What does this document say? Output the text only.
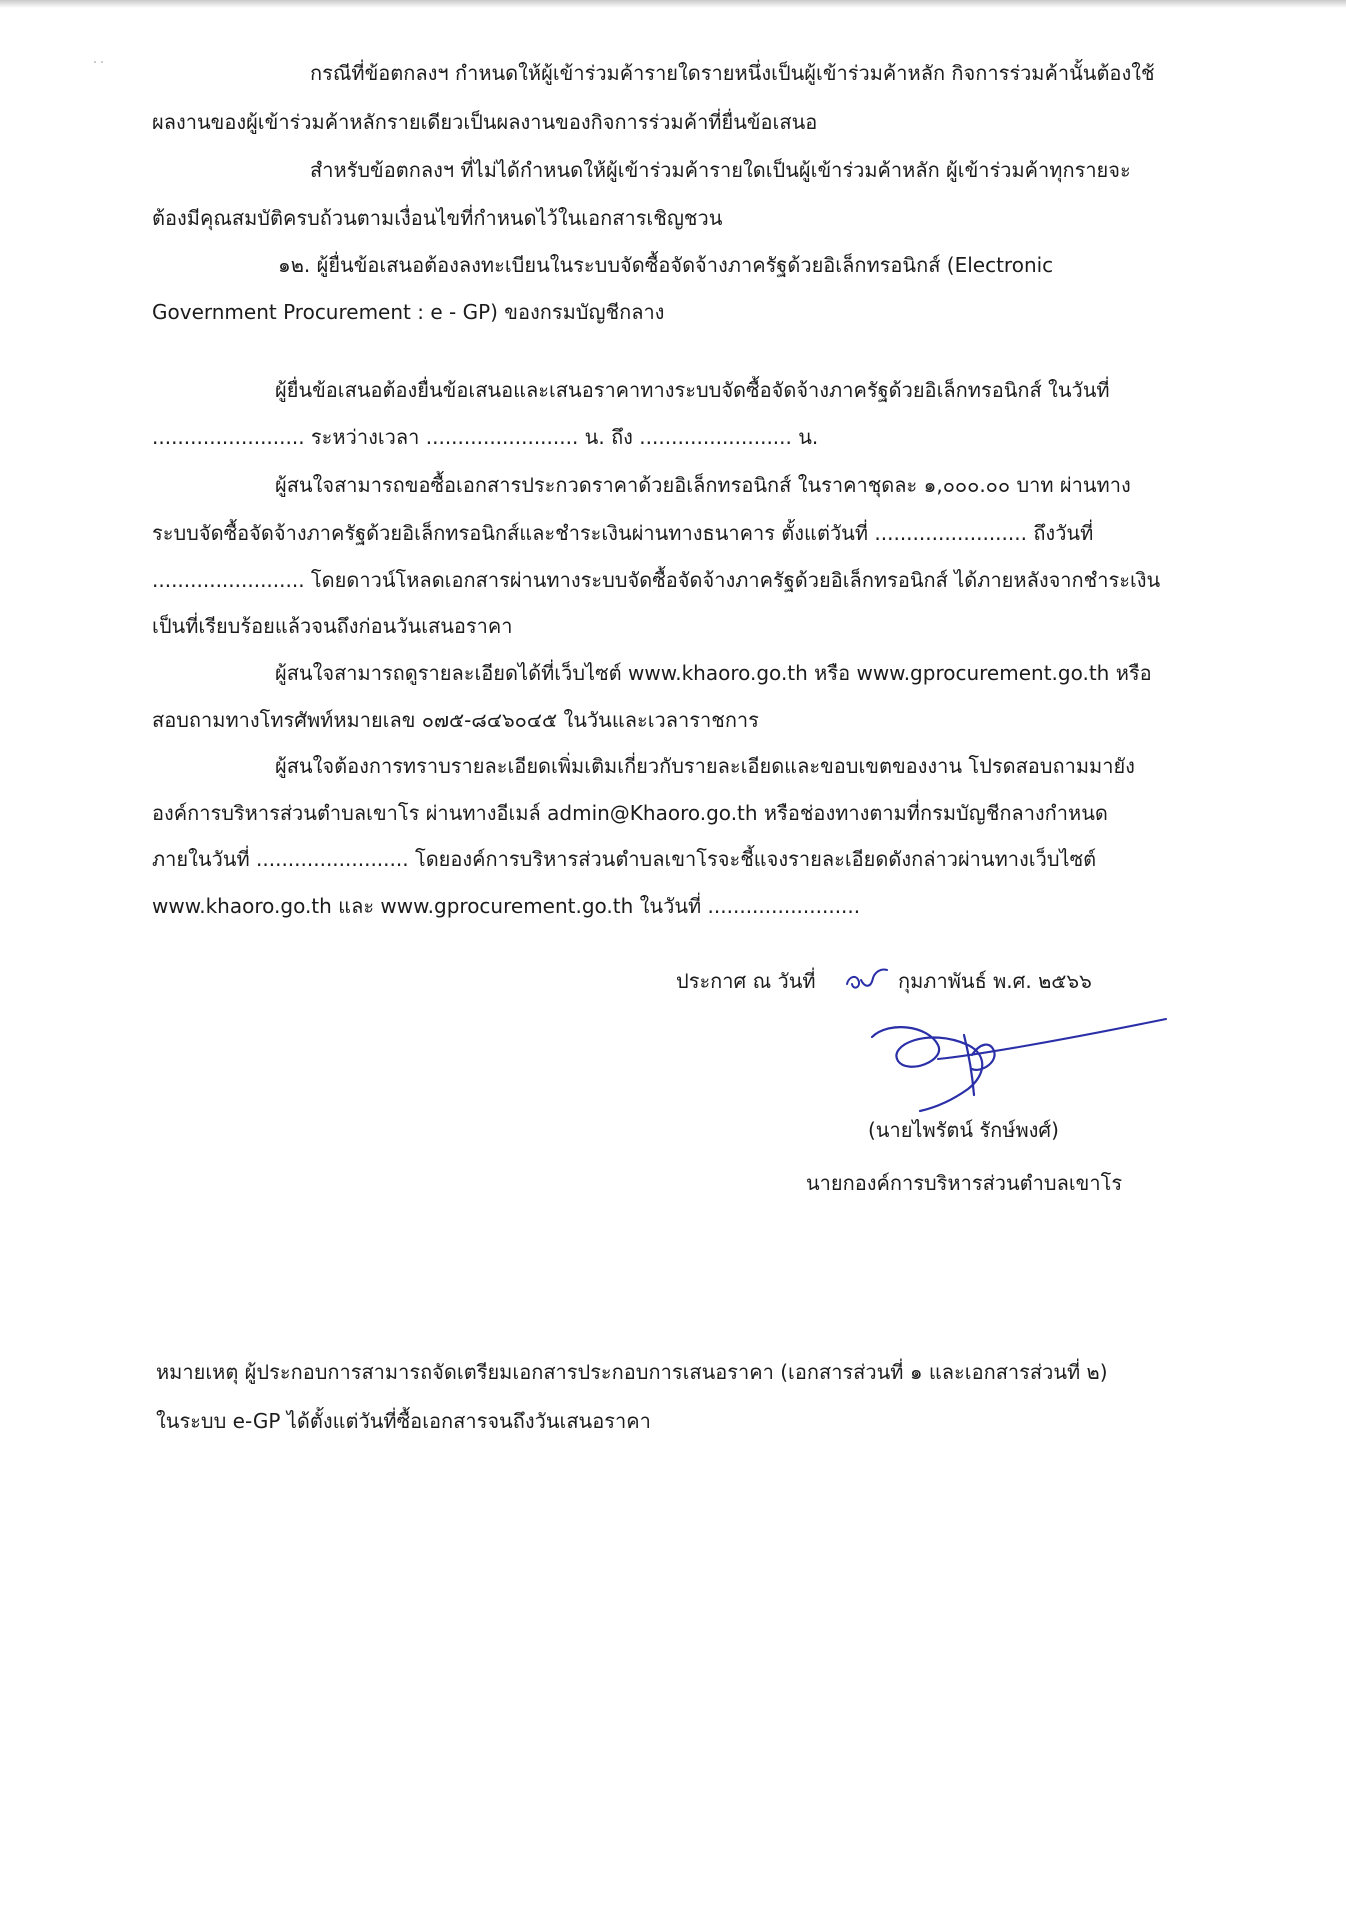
กรณีที่ข้อตกลงฯ กำหนดให้ผู้เข้าร่วมค้ารายใดรายหนึ่งเป็นผู้เข้าร่วมค้าหลัก กิจการร่วมค้านั้นต้องใช้

ผลงานของผู้เข้าร่วมค้าหลักรายเดียวเป็นผลงานของกิจการร่วมค้าที่ยื่นข้อเสนอ

สำหรับข้อตกลงฯ ที่ไม่ได้กำหนดให้ผู้เข้าร่วมค้ารายใดเป็นผู้เข้าร่วมค้าหลัก ผู้เข้าร่วมค้าทุกรายจะ

ต้องมีคุณสมบัติครบถ้วนตามเงื่อนไขที่กำหนดไว้ในเอกสารเชิญชวน

๑๒. ผู้ยื่นข้อเสนอต้องลงทะเบียนในระบบจัดซื้อจัดจ้างภาครัฐด้วยอิเล็กทรอนิกส์ (Electronic

Government Procurement : e - GP) ของกรมบัญชีกลาง

ผู้ยื่นข้อเสนอต้องยื่นข้อเสนอและเสนอราคาทางระบบจัดซื้อจัดจ้างภาครัฐด้วยอิเล็กทรอนิกส์ ในวันที่

........................ ระหว่างเวลา ........................ น. ถึง ........................ น.

ผู้สนใจสามารถขอซื้อเอกสารประกวดราคาด้วยอิเล็กทรอนิกส์ ในราคาชุดละ ๑,๐๐๐.๐๐ บาท ผ่านทาง

ระบบจัดซื้อจัดจ้างภาครัฐด้วยอิเล็กทรอนิกส์และชำระเงินผ่านทางธนาคาร ตั้งแต่วันที่ ........................ ถึงวันที่

........................ โดยดาวน์โหลดเอกสารผ่านทางระบบจัดซื้อจัดจ้างภาครัฐด้วยอิเล็กทรอนิกส์ ได้ภายหลังจากชำระเงิน

เป็นที่เรียบร้อยแล้วจนถึงก่อนวันเสนอราคา

ผู้สนใจสามารถดูรายละเอียดได้ที่เว็บไซต์ www.khaoro.go.th หรือ www.gprocurement.go.th หรือ

สอบถามทางโทรศัพท์หมายเลข ๐๗๕-๘๔๖๐๔๕ ในวันและเวลาราชการ

ผู้สนใจต้องการทราบรายละเอียดเพิ่มเติมเกี่ยวกับรายละเอียดและขอบเขตของงาน โปรดสอบถามมายัง

องค์การบริหารส่วนตำบลเขาโร ผ่านทางอีเมล์ admin@Khaoro.go.th หรือช่องทางตามที่กรมบัญชีกลางกำหนด

ภายในวันที่ ........................ โดยองค์การบริหารส่วนตำบลเขาโรจะชี้แจงรายละเอียดดังกล่าวผ่านทางเว็บไซต์

www.khaoro.go.th และ www.gprocurement.go.th ในวันที่ ........................

ประกาศ ณ วันที่	กุมภาพันธ์ พ.ศ. ๒๕๖๖

(นายไพรัตน์ รักษ์พงศ์)

นายกองค์การบริหารส่วนตำบลเขาโร

หมายเหตุ ผู้ประกอบการสามารถจัดเตรียมเอกสารประกอบการเสนอราคา (เอกสารส่วนที่ ๑ และเอกสารส่วนที่ ๒)

ในระบบ e-GP ได้ตั้งแต่วันที่ซื้อเอกสารจนถึงวันเสนอราคา
